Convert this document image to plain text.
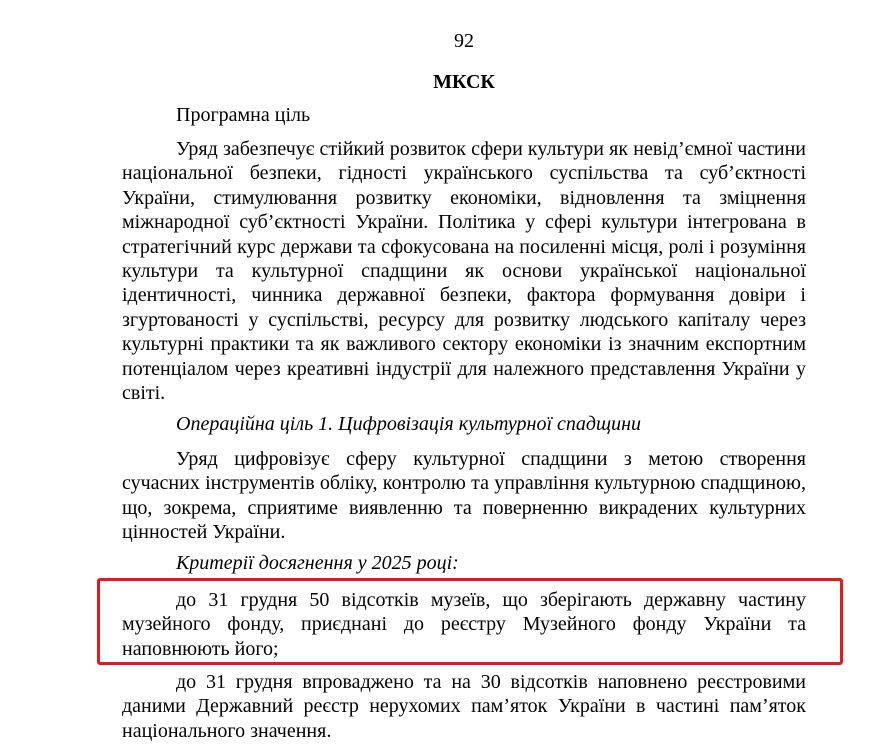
92
МКСК
Програмна ціль

Уряд забезпечує стійкий розвиток сфери культури як невід’ємної частини національної безпеки, гідності українського суспільства та суб’єктності України, стимулювання розвитку економіки, відновлення та зміцнення міжнародної суб’єктності України. Політика у сфері культури інтегрована в стратегічний курс держави та сфокусована на посиленні місця, ролі і розуміння культури та культурної спадщини як основи української національної ідентичності, чинника державної безпеки, фактора формування довіри і згуртованості у суспільстві, ресурсу для розвитку людського капіталу через культурні практики та як важливого сектору економіки із значним експортним потенціалом через креативні індустрії для належного представлення України у світі.

Операційна ціль 1. Цифровізація культурної спадщини

Уряд цифровізує сферу культурної спадщини з метою створення сучасних інструментів обліку, контролю та управління культурною спадщиною, що, зокрема, сприятиме виявленню та поверненню викрадених культурних цінностей України.

Критерії досягнення у 2025 році:

до 31 грудня 50 відсотків музеїв, що зберігають державну частину музейного фонду, приєднані до реєстру Музейного фонду України та наповнюють його;

до 31 грудня впроваджено та на 30 відсотків наповнено реєстровими даними Державний реєстр нерухомих пам’яток України в частині пам’яток національного значення.
